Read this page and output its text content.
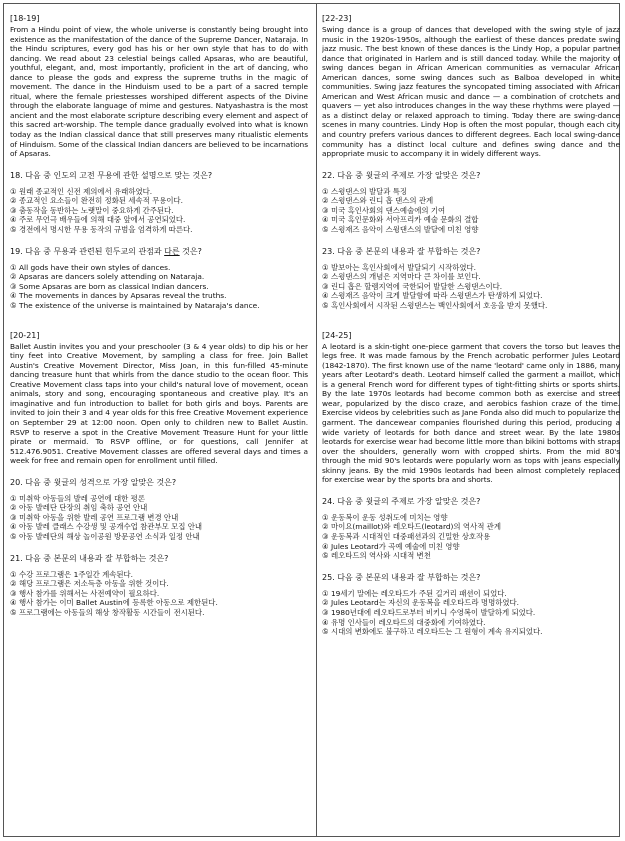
[18-19]

From a Hindu point of view, the whole universe is constantly being brought into existence as the manifestation of the dance of the Supreme Dancer, Nataraja. In the Hindu scriptures, every god has his or her own style that has to do with dancing. We read about 23 celestial beings called Apsaras, who are beautiful, youthful, elegant, and, most importantly, proficient in the art of dancing, who dance to please the gods and express the supreme truths in the magic of movement. The dance in the Hinduism used to be a part of a sacred temple ritual, where the female priestesses worshiped different aspects of the Divine through the elaborate language of mime and gestures. Natyashastra is the most ancient and the most elaborate scripture describing every element and aspect of this sacred art-worship. The temple dance gradually evolved into what is known today as the Indian classical dance that still preserves many ritualistic elements of Hinduism. Some of the classical Indian dancers are believed to be incarnations of Apsaras.

18. 다음 중 인도의 고전 무용에 관한 설명으로 맞는 것은?
① 원래 종교적인 신전 제의에서 유래하였다.
② 종교적인 요소들이 완전히 정화된 세속적 무용이다.
③ 춤동작을 동반하는 노랫말이 중요하게 간주된다.
④ 주로 무언극 배우들에 의해 대중 앞에서 공연되었다.
⑤ 경전에서 명시한 무용 동작의 규범을 엄격하게 따른다.
19. 다음 중 무용과 관련된 힌두교의 관점과 다른 것은?
① All gods have their own styles of dances.
② Apsaras are dancers solely attending on Nataraja.
③ Some Apsaras are born as classical Indian dancers.
④ The movements in dances by Apsaras reveal the truths.
⑤ The existence of the universe is maintained by Nataraja's dance.
[20-21]

Ballet Austin invites you and your preschooler (3 & 4 year olds) to dip his or her tiny feet into Creative Movement, by sampling a class for free. Join Ballet Austin's Creative Movement Director, Miss Joan, in this fun-filled 45-minute dancing treasure hunt that whirls from the dance studio to the ocean floor. This Creative Movement class taps into your child's natural love of movement, ocean animals, story and song, encouraging spontaneous and creative play. It's an imaginative and fun introduction to ballet for both girls and boys. Parents are invited to join their 3 and 4 year olds for this free Creative Movement experience on September 29 at 12:00 noon. Open only to children new to Ballet Austin. RSVP to reserve a spot in the Creative Movement Treasure Hunt for your little pirate or mermaid. To RSVP offline, or for questions, call Jennifer at 512.476.9051. Creative Movement classes are offered several days and times a week for free and remain open for enrollment until filled.

20. 다음 중 윗글의 성격으로 가장 알맞은 것은?
① 미취학 아동들의 발레 공연에 대한 평론
② 아동 발레단 단장의 취임 축하 공연 안내
③ 미취학 아동을 위한 발레 공연 프로그램 변경 안내
④ 아동 발레 클래스 수강생 및 공개수업 참관부모 모집 안내
⑤ 아동 발레단의 해상 놀이공원 방문공연 소식과 일정 안내
21. 다음 중 본문의 내용과 잘 부합하는 것은?
① 수강 프로그램은 1주일간 계속된다.
② 해당 프로그램은 저소득층 아동을 위한 것이다.
③ 행사 참가를 위해서는 사전예약이 필요하다.
④ 행사 참가는 이미 Ballet Austin에 등록한 아동으로 제한된다.
⑤ 프로그램에는 아동들의 해상 창작활동 시간들이 전시된다.
[22-23]

Swing dance is a group of dances that developed with the swing style of jazz music in the 1920s-1950s, although the earliest of these dances predate swing jazz music. The best known of these dances is the Lindy Hop, a popular partner dance that originated in Harlem and is still danced today. While the majority of swing dances began in African American communities as vernacular African American dances, some swing dances such as Balboa developed in white communities. Swing jazz features the syncopated timing associated with African American and West African music and dance — a combination of crotchets and quavers — yet also introduces changes in the way these rhythms were played — as a distinct delay or relaxed approach to timing. Today there are swing-dance scenes in many countries. Lindy Hop is often the most popular, though each city and country prefers various dances to different degrees. Each local swing-dance community has a distinct local culture and defines swing dance and the appropriate music to accompany it in widely different ways.

22. 다음 중 윗글의 주제로 가장 알맞은 것은?
① 스윙댄스의 발달과 특징
② 스윙댄스와 린디 홉 댄스의 관계
③ 미국 흑인사회의 댄스예술에의 기여
④ 미국 흑인문화와 서아프리카 예술 문화의 결합
⑤ 스윙재즈 음악이 스윙댄스의 발달에 미친 영향
23. 다음 중 본문의 내용과 잘 부합하는 것은?
① 발보아는 흑인사회에서 발달되기 시작하였다.
② 스윙댄스의 개념은 지역마다 큰 차이를 보인다.
③ 린디 홉은 할렘지역에 국한되어 발달한 스윙댄스이다.
④ 스윙재즈 음악이 크게 발달함에 따라 스윙댄스가 탄생하게 되었다.
⑤ 흑인사회에서 시작된 스윙댄스는 백인사회에서 호응을 받지 못했다.
[24-25]

A leotard is a skin-tight one-piece garment that covers the torso but leaves the legs free. It was made famous by the French acrobatic performer Jules Leotard (1842-1870). The first known use of the name 'leotard' came only in 1886, many years after Leotard's death. Leotard himself called the garment a maillot, which is a general French word for different types of tight-fitting shirts or sports shirts. By the late 1970s leotards had become common both as exercise and street wear, popularized by the disco craze, and aerobics fashion craze of the time. Exercise videos by celebrities such as Jane Fonda also did much to popularize the garment. The dancewear companies flourished during this period, producing a wide variety of leotards for both dance and street wear. By the late 1980s leotards for exercise wear had become little more than bikini bottoms with straps over the shoulders, generally worn with cropped shirts. From the mid 80's through the mid 90's leotards were popularly worn as tops with jeans especially skinny jeans. By the mid 1990s leotards had been almost completely replaced for exercise wear by the sports bra and shorts.

24. 다음 중 윗글의 주제로 가장 알맞은 것은?
① 운동복이 운동 성취도에 미치는 영향
② 마이요(maillot)와 레오타드(leotard)의 역사적 관계
③ 운동복과 시대적인 대중패션과의 긴밀한 상호작용
④ Jules Leotard가 곡예 예술에 미친 영향
⑤ 레오타드의 역사와 시대적 변천
25. 다음 중 본문의 내용과 잘 부합하는 것은?
① 19세기 말에는 레오타드가 주된 길거리 패션이 되었다.
② Jules Leotard는 자신의 운동복을 레오타드라 명명하였다.
③ 1980년대에 레오타드로부터 비키니 수영복이 발달하게 되었다.
④ 유명 인사들이 레오타드의 대중화에 기여하였다.
⑤ 시대의 변화에도 불구하고 레오타드는 그 원형이 계속 유지되었다.
